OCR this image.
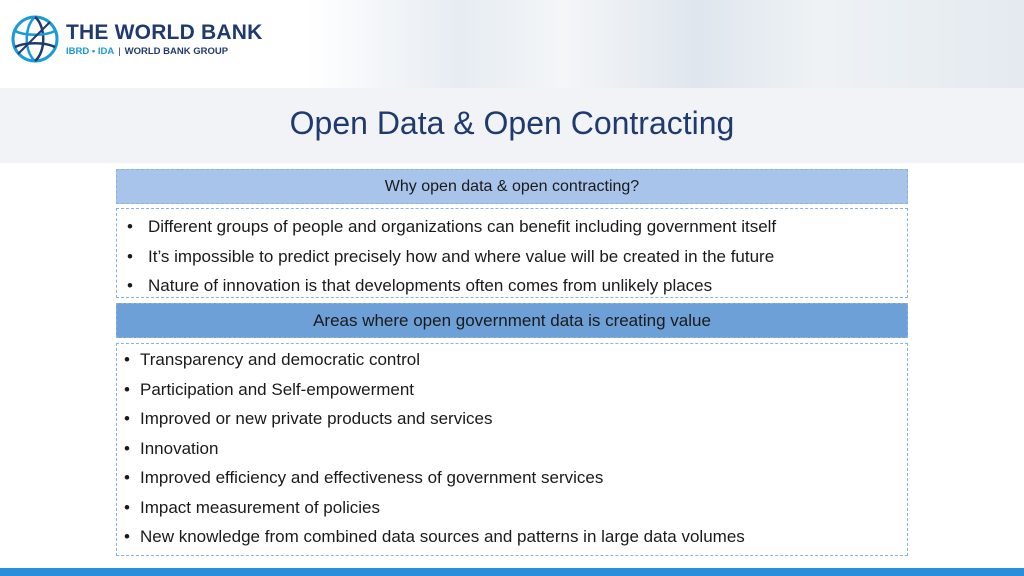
THE WORLD BANK
IBRD • IDA | WORLD BANK GROUP
Open Data & Open Contracting
Why open data & open contracting?
• Different groups of people and organizations can benefit including government itself
• It’s impossible to predict precisely how and where value will be created in the future
• Nature of innovation is that developments often comes from unlikely places
Areas where open government data is creating value
• Transparency and democratic control
• Participation and Self-empowerment
• Improved or new private products and services
• Innovation
• Improved efficiency and effectiveness of government services
• Impact measurement of policies
• New knowledge from combined data sources and patterns in large data volumes
